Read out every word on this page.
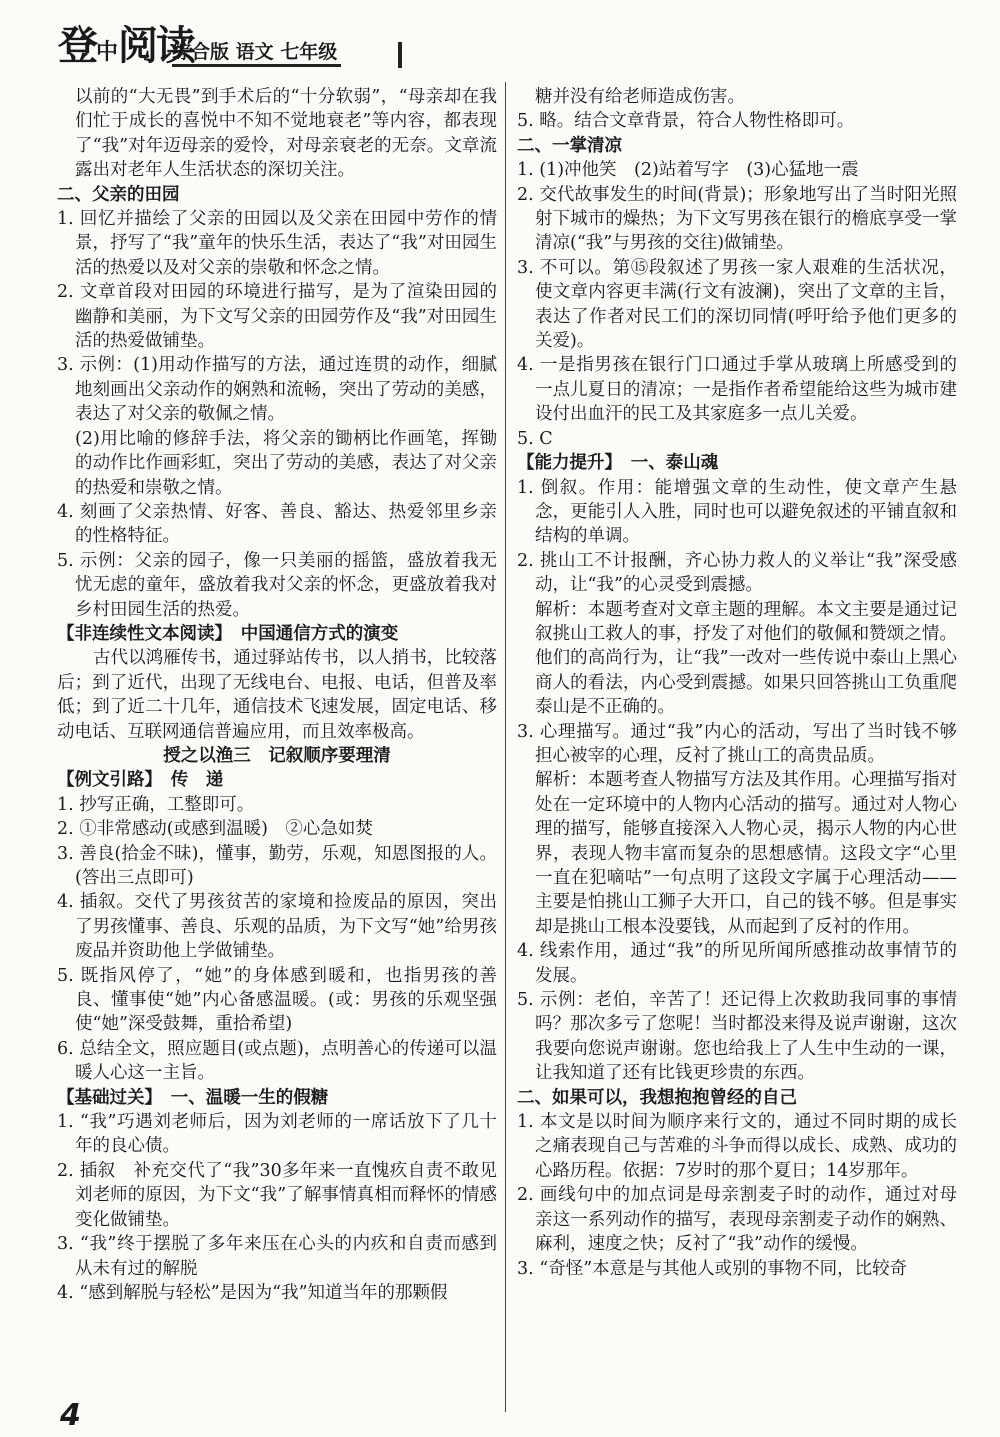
登中阅读
综合版 语文 七年级

以前的“大无畏”到手术后的“十分软弱”，“母亲却在我们忙于成长的喜悦中不知不觉地衰老”等内容，都表现了“我”对年迈母亲的爱怜，对母亲衰老的无奈。文章流露出对老年人生活状态的深切关注。

二、父亲的田园

1. 回忆并描绘了父亲的田园以及父亲在田园中劳作的情景，抒写了“我”童年的快乐生活，表达了“我”对田园生活的热爱以及对父亲的崇敬和怀念之情。

2. 文章首段对田园的环境进行描写，是为了渲染田园的幽静和美丽，为下文写父亲的田园劳作及“我”对田园生活的热爱做铺垫。

3. 示例：(1)用动作描写的方法，通过连贯的动作，细腻地刻画出父亲动作的娴熟和流畅，突出了劳动的美感，表达了对父亲的敬佩之情。

(2)用比喻的修辞手法，将父亲的锄柄比作画笔，挥锄的动作比作画彩虹，突出了劳动的美感，表达了对父亲的热爱和崇敬之情。

4. 刻画了父亲热情、好客、善良、豁达、热爱邻里乡亲的性格特征。

5. 示例：父亲的园子，像一只美丽的摇篮，盛放着我无忧无虑的童年，盛放着我对父亲的怀念，更盛放着我对乡村田园生活的热爱。

【非连续性文本阅读】　中国通信方式的演变

古代以鸿雁传书，通过驿站传书，以人捎书，比较落后；到了近代，出现了无线电台、电报、电话，但普及率低；到了近二十几年，通信技术飞速发展，固定电话、移动电话、互联网通信普遍应用，而且效率极高。

授之以渔三　记叙顺序要理清

【例文引路】　传　递

1. 抄写正确，工整即可。

2. ①非常感动(或感到温暖)　②心急如焚

3. 善良(拾金不昧)，懂事，勤劳，乐观，知恩图报的人。(答出三点即可)

4. 插叙。交代了男孩贫苦的家境和捡废品的原因，突出了男孩懂事、善良、乐观的品质，为下文写“她”给男孩废品并资助他上学做铺垫。

5. 既指风停了，“她”的身体感到暖和，也指男孩的善良、懂事使“她”内心备感温暖。(或：男孩的乐观坚强使“她”深受鼓舞，重拾希望)

6. 总结全文，照应题目(或点题)，点明善心的传递可以温暖人心这一主旨。

【基础过关】　一、温暖一生的假糖

1. “我”巧遇刘老师后，因为刘老师的一席话放下了几十年的良心债。

2. 插叙　补充交代了“我”30多年来一直愧疚自责不敢见刘老师的原因，为下文“我”了解事情真相而释怀的情感变化做铺垫。

3. “我”终于摆脱了多年来压在心头的内疚和自责而感到从未有过的解脱

4. “感到解脱与轻松”是因为“我”知道当年的那颗假

糖并没有给老师造成伤害。

5. 略。结合文章背景，符合人物性格即可。

二、一掌清凉

1. (1)冲他笑　(2)站着写字　(3)心猛地一震

2. 交代故事发生的时间(背景)；形象地写出了当时阳光照射下城市的燥热；为下文写男孩在银行的檐底享受一掌清凉(“我”与男孩的交往)做铺垫。

3. 不可以。第⑮段叙述了男孩一家人艰难的生活状况，使文章内容更丰满(行文有波澜)，突出了文章的主旨，表达了作者对民工们的深切同情(呼吁给予他们更多的关爱)。

4. 一是指男孩在银行门口通过手掌从玻璃上所感受到的一点儿夏日的清凉；一是指作者希望能给这些为城市建设付出血汗的民工及其家庭多一点儿关爱。

5. C

【能力提升】　一、泰山魂

1. 倒叙。作用：能增强文章的生动性，使文章产生悬念，更能引人入胜，同时也可以避免叙述的平铺直叙和结构的单调。

2. 挑山工不计报酬，齐心协力救人的义举让“我”深受感动，让“我”的心灵受到震撼。

解析：本题考查对文章主题的理解。本文主要是通过记叙挑山工救人的事，抒发了对他们的敬佩和赞颂之情。他们的高尚行为，让“我”一改对一些传说中泰山上黑心商人的看法，内心受到震撼。如果只回答挑山工负重爬泰山是不正确的。

3. 心理描写。通过“我”内心的活动，写出了当时钱不够担心被宰的心理，反衬了挑山工的高贵品质。

解析：本题考查人物描写方法及其作用。心理描写指对处在一定环境中的人物内心活动的描写。通过对人物心理的描写，能够直接深入人物心灵，揭示人物的内心世界，表现人物丰富而复杂的思想感情。这段文字“心里一直在犯嘀咕”一句点明了这段文字属于心理活动——主要是怕挑山工狮子大开口，自己的钱不够。但是事实却是挑山工根本没要钱，从而起到了反衬的作用。

4. 线索作用，通过“我”的所见所闻所感推动故事情节的发展。

5. 示例：老伯，辛苦了！还记得上次救助我同事的事情吗？那次多亏了您呢！当时都没来得及说声谢谢，这次我要向您说声谢谢。您也给我上了人生中生动的一课，让我知道了还有比钱更珍贵的东西。

二、如果可以，我想抱抱曾经的自己

1. 本文是以时间为顺序来行文的，通过不同时期的成长之痛表现自己与苦难的斗争而得以成长、成熟、成功的心路历程。依据：7岁时的那个夏日；14岁那年。

2. 画线句中的加点词是母亲割麦子时的动作，通过对母亲这一系列动作的描写，表现母亲割麦子动作的娴熟、麻利，速度之快；反衬了“我”动作的缓慢。

3. “奇怪”本意是与其他人或别的事物不同，比较奇

4
